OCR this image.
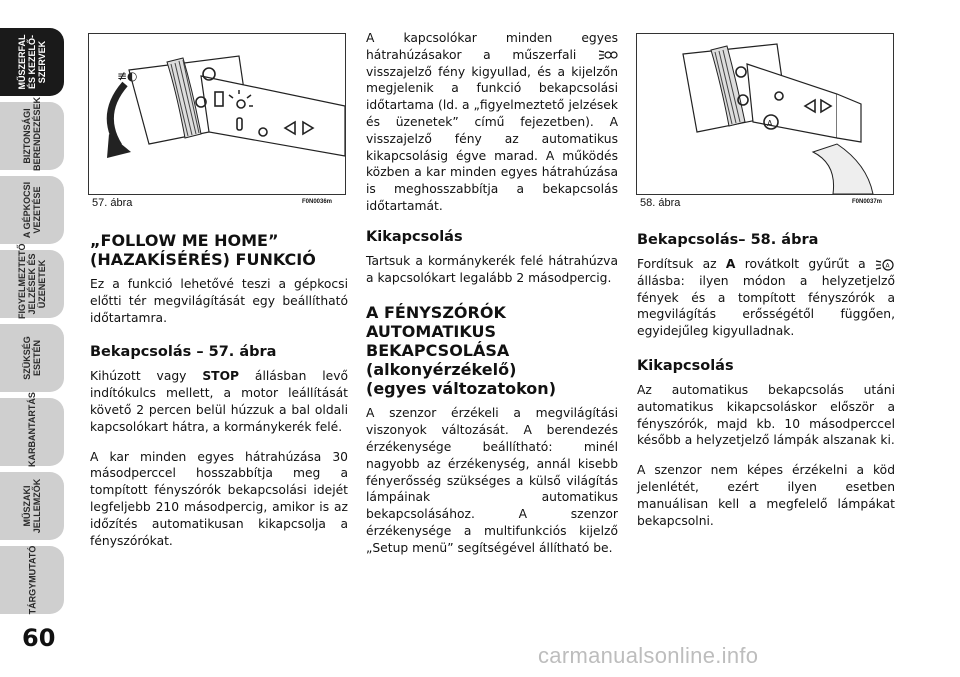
MŰSZERFAL
ÉS KEZELŐ-
SZERVEK
BIZTONSÁGI
BERENDEZÉSEK
A GÉPKOCSI
VEZETÉSE
FIGYELMEZTETŐ
JELZÉSEK ÉS
ÜZENETEK
SZÜKSÉG
ESETÉN
KARBANTARTÁS
MŰSZAKI
JELLEMZŐK
TÁRGYMUTATÓ
60
≢◐
57. ábra	F0N0036m
A
58. ábra	F0N0037m
„FOLLOW ME HOME”
(HAZAKÍSÉRÉS) FUNKCIÓ

Ez a funkció lehetővé teszi a gépkocsi előtti tér megvilágítását egy beállítható időtartamra.

Bekapcsolás – 57. ábra

Kihúzott vagy STOP állásban levő indítókulcs mellett, a motor leállítását követő 2 percen belül húzzuk a bal oldali kapcsolókart hátra, a kormánykerék felé.

A kar minden egyes hátrahúzása 30 másodperccel hosszabbítja meg a tompított fényszórók bekapcsolási idejét legfeljebb 210 másodpercig, amikor is az időzítés automatikusan kikapcsolja a fényszórókat.

A kapcsolókar minden egyes hátrahúzásakor a műszerfali  visszajelző fény kigyullad, és a kijelzőn megjelenik a funkció bekapcsolási időtartama (ld. a „figyelmeztető jelzések és üzenetek” című fejezetben). A visszajelző fény az automatikus kikapcsolásig égve marad. A működés közben a kar minden egyes hátrahúzása is meghosszabbítja a bekapcsolás időtartamát.

Kikapcsolás

Tartsuk a kormánykerék felé hátrahúzva a kapcsolókart legalább 2 másodpercig.

A FÉNYSZÓRÓK
AUTOMATIKUS
BEKAPCSOLÁSA
(alkonyérzékelő)
(egyes változatokon)

A szenzor érzékeli a megvilágítási viszonyok változását. A berendezés érzékenysége beállítható: minél nagyobb az érzékenység, annál kisebb fényerősség szükséges a külső világítás lámpáinak automatikus bekapcsolásához. A szenzor érzékenysége a multifunkciós kijelző „Setup menü” segítségével állítható be.

Bekapcsolás– 58. ábra

Fordítsuk az A rovátkolt gyűrűt a	A
állásba: ilyen módon a helyzetjelző fények és a tompított fényszórók a megvilágítás erősségétől függően, egyidejűleg kigyulladnak.

Kikapcsolás

Az automatikus bekapcsolás utáni automatikus kikapcsoláskor először a fényszórók, majd kb. 10 másodperccel később a helyzetjelző lámpák alszanak ki.

A szenzor nem képes érzékelni a köd jelenlétét, ezért ilyen esetben manuálisan kell a megfelelő lámpákat bekapcsolni.

carmanualsonline.info
